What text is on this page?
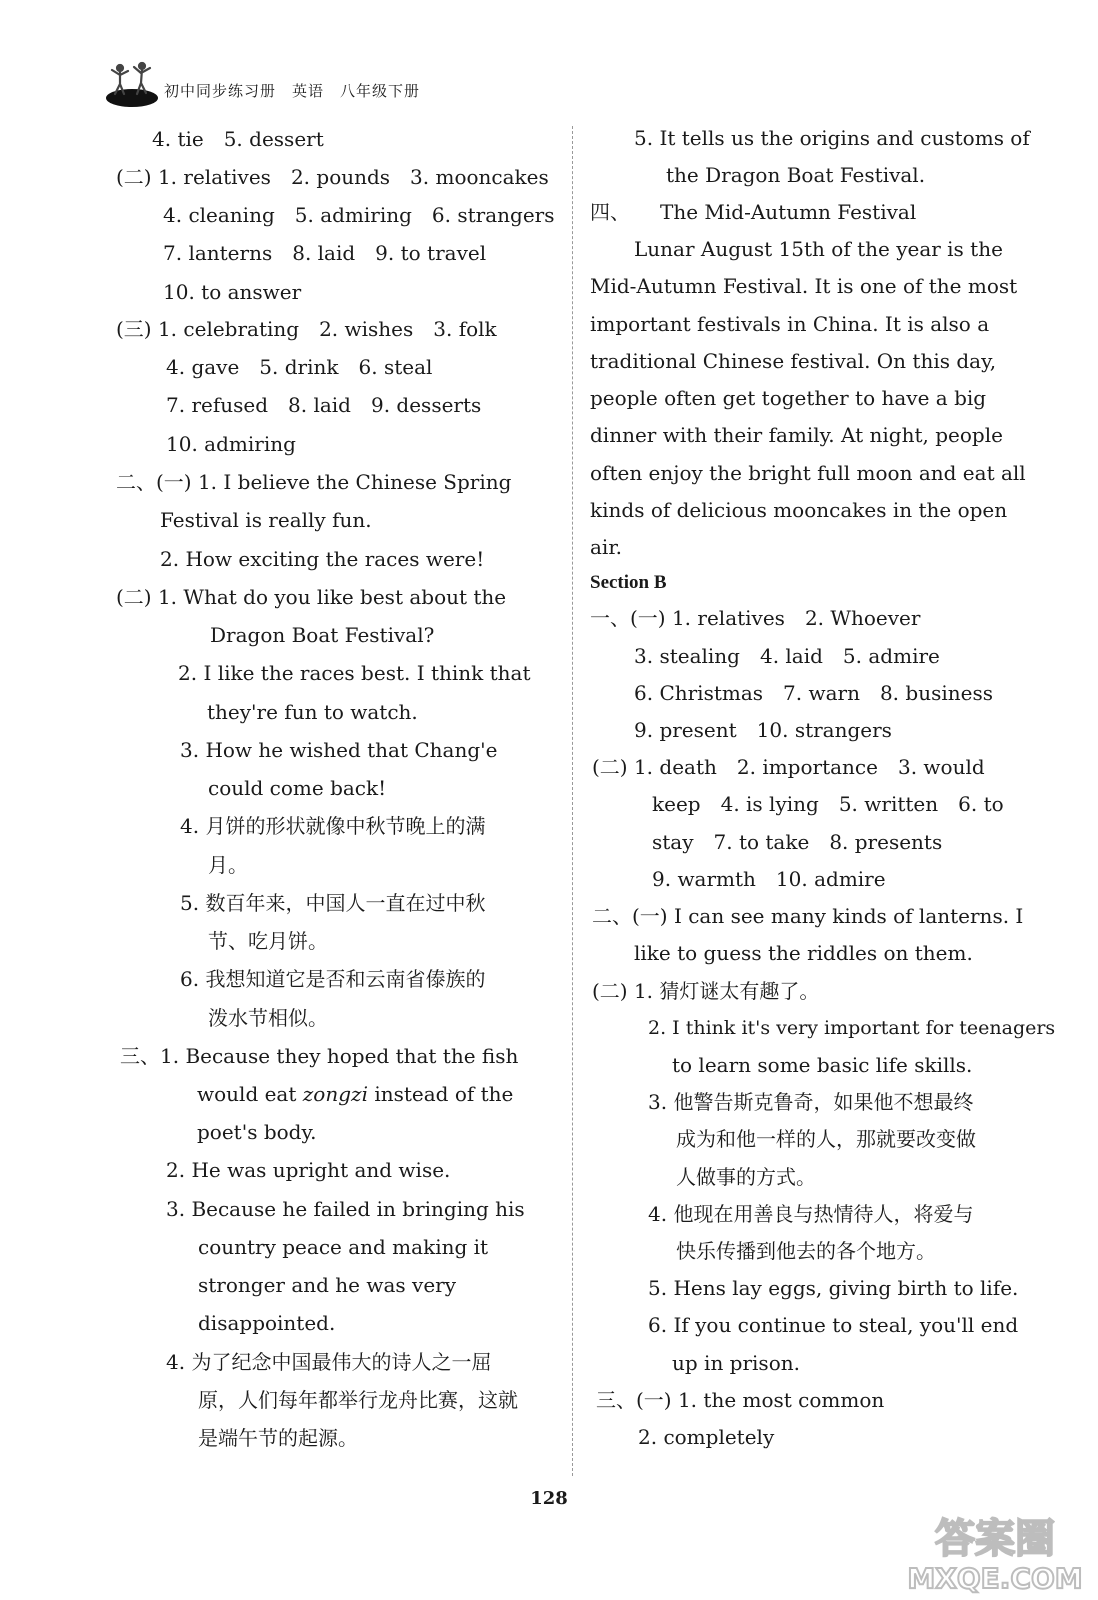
初中同步练习册　英语　八年级下册
4. tie　5. dessert
(二) 1. relatives　2. pounds　3. mooncakes
4. cleaning　5. admiring　6. strangers
7. lanterns　8. laid　9. to travel
10. to answer
(三) 1. celebrating　2. wishes　3. folk
4. gave　5. drink　6. steal
7. refused　8. laid　9. desserts
10. admiring
二、(一) 1. I believe the Chinese Spring
Festival is really fun.
2. How exciting the races were!
(二) 1. What do you like best about the
Dragon Boat Festival?
2. I like the races best. I think that
they're fun to watch.
3. How he wished that Chang'e
could come back!
4. 月饼的形状就像中秋节晚上的满
月。
5. 数百年来，中国人一直在过中秋
节、吃月饼。
6. 我想知道它是否和云南省傣族的
泼水节相似。
三、1. Because they hoped that the fish
would eat zongzi instead of the
poet's body.
2. He was upright and wise.
3. Because he failed in bringing his
country peace and making it
stronger and he was very
disappointed.
4. 为了纪念中国最伟大的诗人之一屈
原，人们每年都举行龙舟比赛，这就
是端午节的起源。
5. It tells us the origins and customs of
the Dragon Boat Festival.
四、　　The Mid-Autumn Festival
Lunar August 15th of the year is the
Mid-Autumn Festival. It is one of the most
important festivals in China. It is also a
traditional Chinese festival. On this day,
people often get together to have a big
dinner with their family. At night, people
often enjoy the bright full moon and eat all
kinds of delicious mooncakes in the open
air.
Section B
一、(一) 1. relatives　2. Whoever
3. stealing　4. laid　5. admire
6. Christmas　7. warn　8. business
9. present　10. strangers
(二) 1. death　2. importance　3. would
keep　4. is lying　5. written　6. to
stay　7. to take　8. presents
9. warmth　10. admire
二、(一) I can see many kinds of lanterns. I
like to guess the riddles on them.
(二) 1. 猜灯谜太有趣了。
2. I think it's very important for teenagers
to learn some basic life skills.
3. 他警告斯克鲁奇，如果他不想最终
成为和他一样的人，那就要改变做
人做事的方式。
4. 他现在用善良与热情待人，将爱与
快乐传播到他去的各个地方。
5. Hens lay eggs, giving birth to life.
6. If you continue to steal, you'll end
up in prison.
三、(一) 1. the most common
2. completely
128
答案圈
MXQE.COM
